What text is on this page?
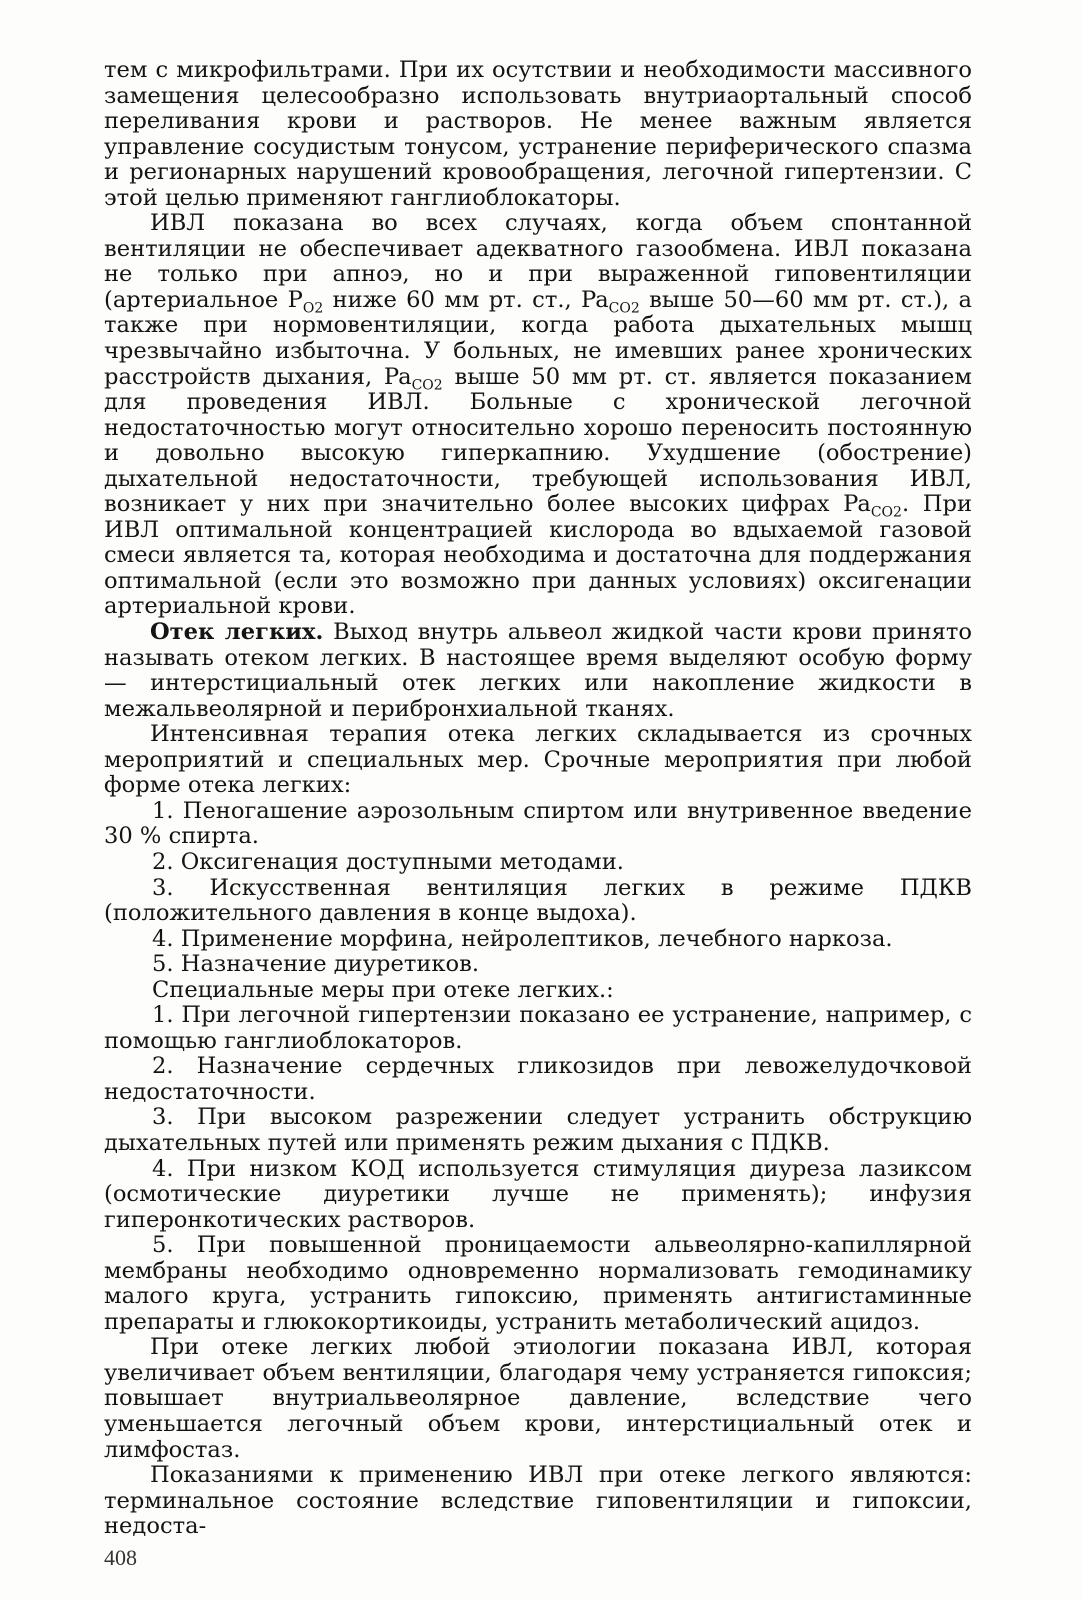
тем с микрофильтрами. При их осутствии и необходимости массивного замещения целесообразно использовать внутриаортальный способ переливания крови и растворов. Не менее важным является управление сосудистым тонусом, устранение периферического спазма и регионарных нарушений кровообращения, легочной гипертензии. С этой целью применяют ганглиоблокаторы.

ИВЛ показана во всех случаях, когда объем спонтанной вентиляции не обеспечивает адекватного газообмена. ИВЛ показана не только при апноэ, но и при выраженной гиповентиляции (артериальное $P_{O2}$ ниже 60 мм рт. ст., $Pa_{CO2}$ выше 50—60 мм рт. ст.), а также при нормовентиляции, когда работа дыхательных мышц чрезвычайно избыточна. У больных, не имевших ранее хронических расстройств дыхания, $Pa_{CO2}$ выше 50 мм рт. ст. является показанием для проведения ИВЛ. Больные с хронической легочной недостаточностью могут относительно хорошо переносить постоянную и довольно высокую гиперкапнию. Ухудшение (обострение) дыхательной недостаточности, требующей использования ИВЛ, возникает у них при значительно более высоких цифрах $Pa_{CO2}$. При ИВЛ оптимальной концентрацией кислорода во вдыхаемой газовой смеси является та, которая необходима и достаточна для поддержания оптимальной (если это возможно при данных условиях) оксигенации артериальной крови.

Отек легких. Выход внутрь альвеол жидкой части крови принято называть отеком легких. В настоящее время выделяют особую форму — интерстициальный отек легких или накопление жидкости в межальвеолярной и перибронхиальной тканях.

Интенсивная терапия отека легких складывается из срочных мероприятий и специальных мер. Срочные мероприятия при любой форме отека легких:

1. Пеногашение аэрозольным спиртом или внутривенное введение 30 % спирта.

2. Оксигенация доступными методами.

3. Искусственная вентиляция легких в режиме ПДКВ (положительного давления в конце выдоха).

4. Применение морфина, нейролептиков, лечебного наркоза.

5. Назначение диуретиков.

Специальные меры при отеке легких.:

1. При легочной гипертензии показано ее устранение, например, с помощью ганглиоблокаторов.

2. Назначение сердечных гликозидов при левожелудочковой недостаточности.

3. При высоком разрежении следует устранить обструкцию дыхательных путей или применять режим дыхания с ПДКВ.

4. При низком КОД используется стимуляция диуреза лазиксом (осмотические диуретики лучше не применять); инфузия гиперонкотических растворов.

5. При повышенной проницаемости альвеолярно-капиллярной мембраны необходимо одновременно нормализовать гемодинамику малого круга, устранить гипоксию, применять антигистаминные препараты и глюкокортикоиды, устранить метаболический ацидоз.

При отеке легких любой этиологии показана ИВЛ, которая увеличивает объем вентиляции, благодаря чему устраняется гипоксия; повышает внутриальвеолярное давление, вследствие чего уменьшается легочный объем крови, интерстициальный отек и лимфостаз.

Показаниями к применению ИВЛ при отеке легкого являются: терминальное состояние вследствие гиповентиляции и гипоксии, недоста-

408
